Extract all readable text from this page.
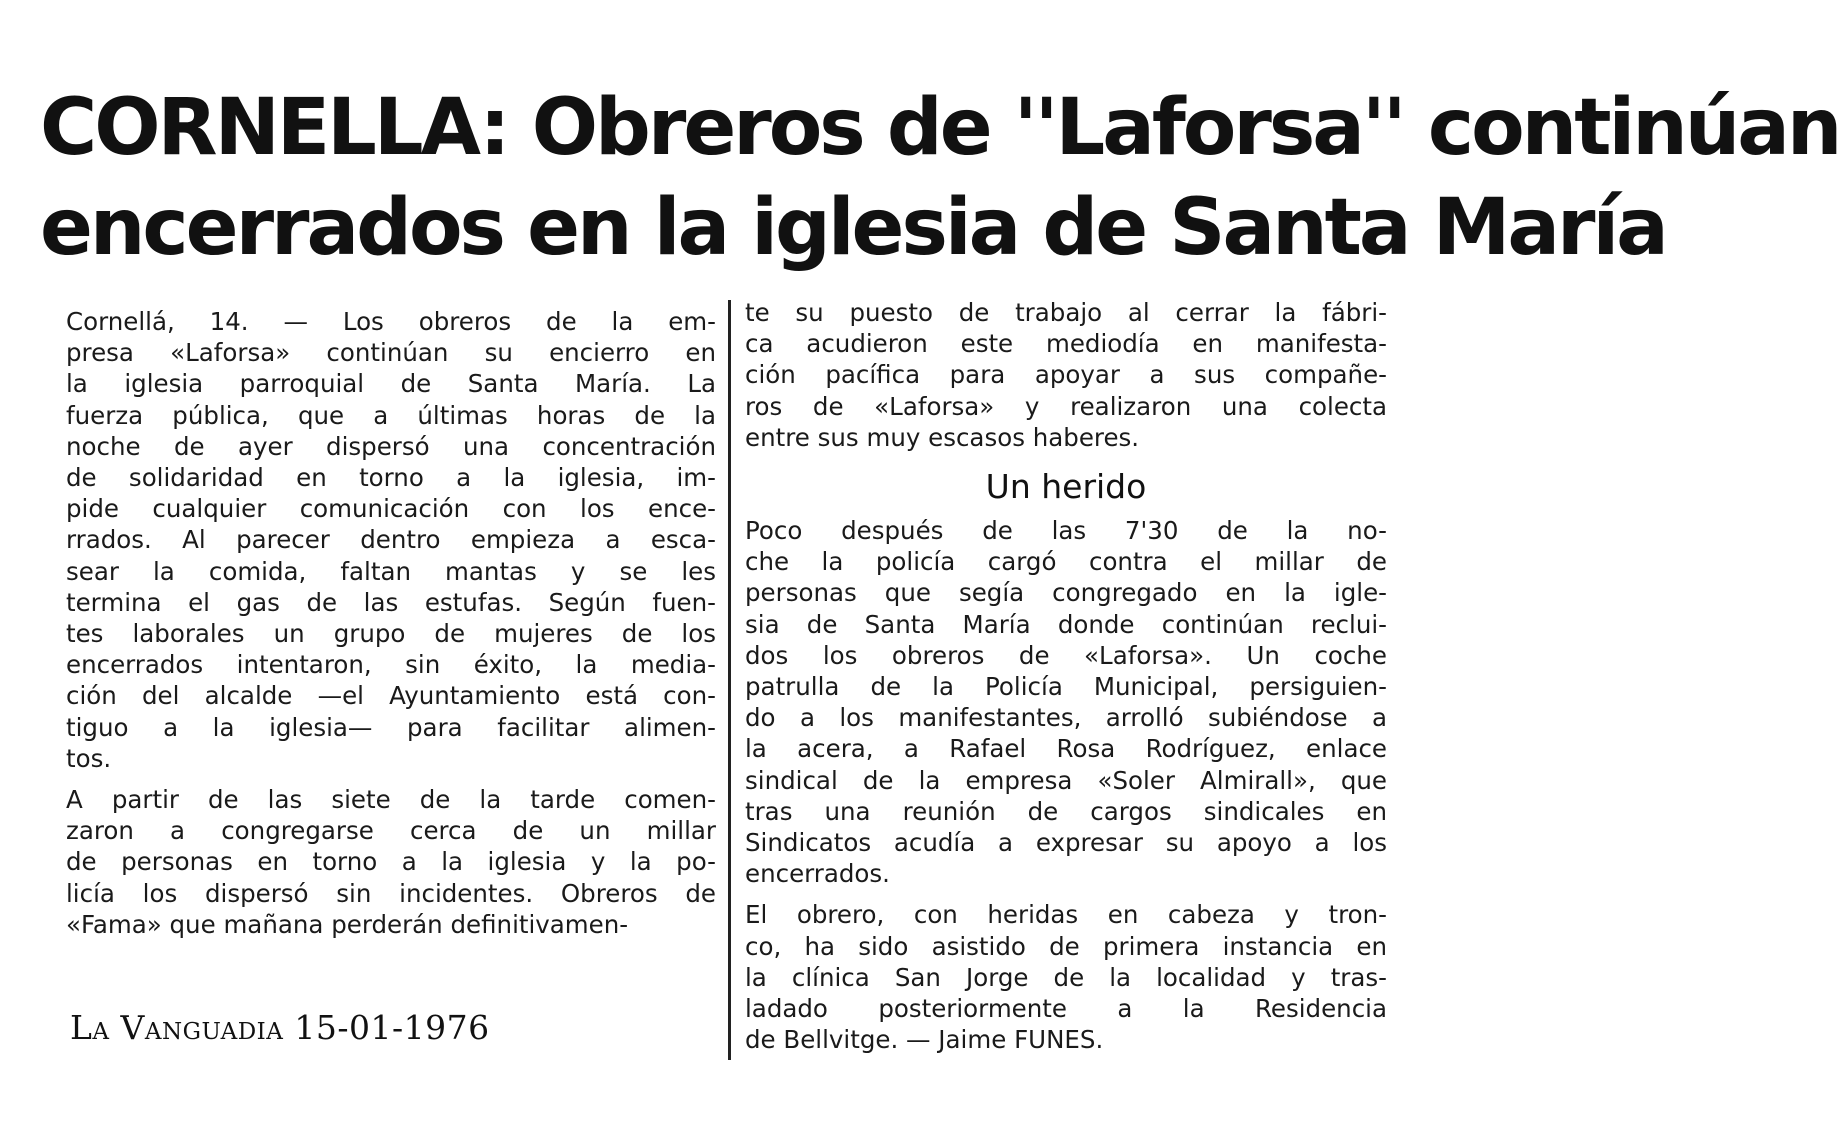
CORNELLA: Obreros de ''Laforsa'' continúan
encerrados en la iglesia de Santa María

Cornellá, 14. — Los obreros de la em-
presa «Laforsa» continúan su encierro en
la iglesia parroquial de Santa María. La
fuerza pública, que a últimas horas de la
noche de ayer dispersó una concentración
de solidaridad en torno a la iglesia, im-
pide cualquier comunicación con los ence-
rrados. Al parecer dentro empieza a esca-
sear la comida, faltan mantas y se les
termina el gas de las estufas. Según fuen-
tes laborales un grupo de mujeres de los
encerrados intentaron, sin éxito, la media-
ción del alcalde —el Ayuntamiento está con-
tiguo a la iglesia— para facilitar alimen-
tos.

A partir de las siete de la tarde comen-
zaron a congregarse cerca de un millar
de personas en torno a la iglesia y la po-
licía los dispersó sin incidentes. Obreros de
«Fama» que mañana perderán definitivamen-

te su puesto de trabajo al cerrar la fábri-
ca acudieron este mediodía en manifesta-
ción pacífica para apoyar a sus compañe-
ros de «Laforsa» y realizaron una colecta
entre sus muy escasos haberes.

Un herido

Poco después de las 7'30 de la no-
che la policía cargó contra el millar de
personas que segía congregado en la igle-
sia de Santa María donde continúan reclui-
dos los obreros de «Laforsa». Un coche
patrulla de la Policía Municipal, persiguien-
do a los manifestantes, arrolló subiéndose a
la acera, a Rafael Rosa Rodríguez, enlace
sindical de la empresa «Soler Almirall», que
tras una reunión de cargos sindicales en
Sindicatos acudía a expresar su apoyo a los
encerrados.

El obrero, con heridas en cabeza y tron-
co, ha sido asistido de primera instancia en
la clínica San Jorge de la localidad y tras-
ladado posteriormente a la Residencia
de Bellvitge. — Jaime FUNES.

La Vanguadia 15-01-1976
